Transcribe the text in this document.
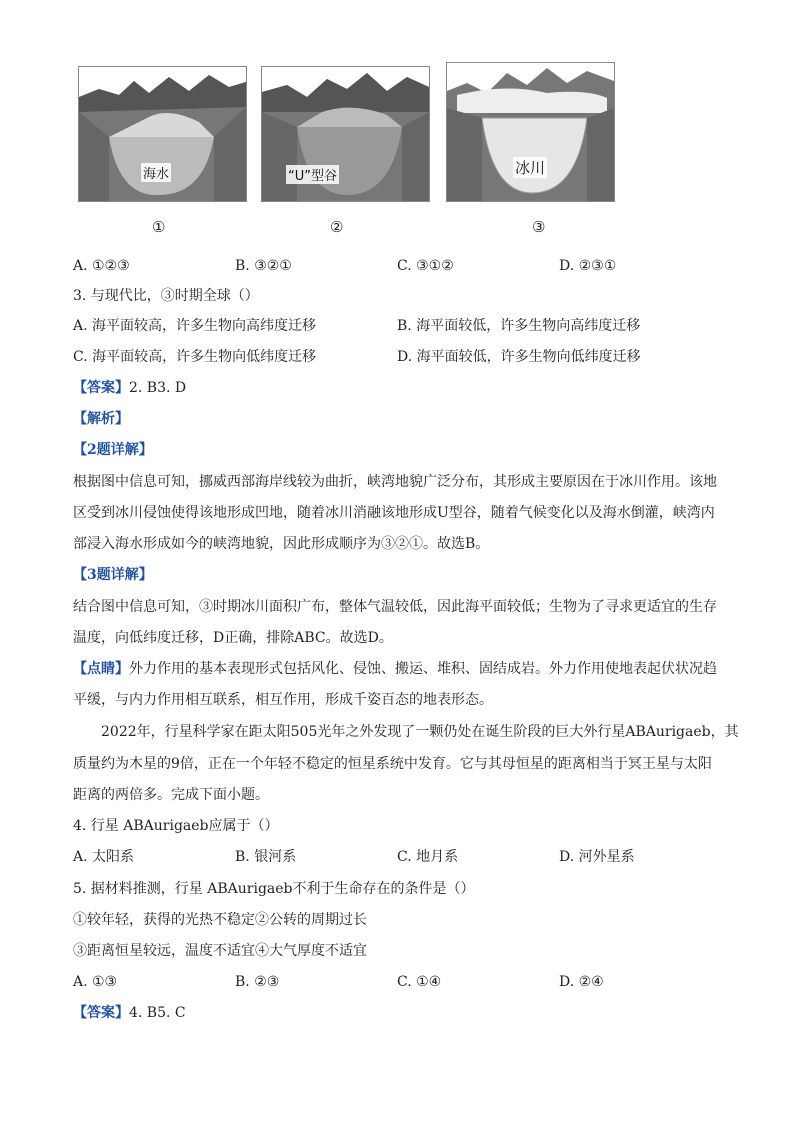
海水	“U”型谷	冰川
①	②	③
A. ①②③	B. ③②①	C. ③①②	D. ②③①
3. 与现代比，③时期全球（）
A. 海平面较高，许多生物向高纬度迁移	B. 海平面较低，许多生物向高纬度迁移
C. 海平面较高，许多生物向低纬度迁移	D. 海平面较低，许多生物向低纬度迁移
【答案】2. B3. D
【解析】
【2题详解】
根据图中信息可知，挪威西部海岸线较为曲折，峡湾地貌广泛分布，其形成主要原因在于冰川作用。该地
区受到冰川侵蚀使得该地形成凹地，随着冰川消融该地形成U型谷，随着气候变化以及海水倒灌，峡湾内
部浸入海水形成如今的峡湾地貌，因此形成顺序为③②①。故选B。
【3题详解】
结合图中信息可知，③时期冰川面积广布，整体气温较低，因此海平面较低；生物为了寻求更适宜的生存
温度，向低纬度迁移，D正确，排除ABC。故选D。
【点睛】外力作用的基本表现形式包括风化、侵蚀、搬运、堆积、固结成岩。外力作用使地表起伏状况趋
平缓，与内力作用相互联系，相互作用，形成千姿百态的地表形态。
2022年，行星科学家在距太阳505光年之外发现了一颗仍处在诞生阶段的巨大外行星ABAurigaeb，其
质量约为木星的9倍，正在一个年轻不稳定的恒星系统中发育。它与其母恒星的距离相当于冥王星与太阳
距离的两倍多。完成下面小题。
4. 行星 ABAurigaeb应属于（）
A. 太阳系	B. 银河系	C. 地月系	D. 河外星系
5. 据材料推测，行星 ABAurigaeb不利于生命存在的条件是（）
①较年轻，获得的光热不稳定②公转的周期过长
③距离恒星较远，温度不适宜④大气厚度不适宜
A. ①③	B. ②③	C. ①④	D. ②④
【答案】4. B5. C
